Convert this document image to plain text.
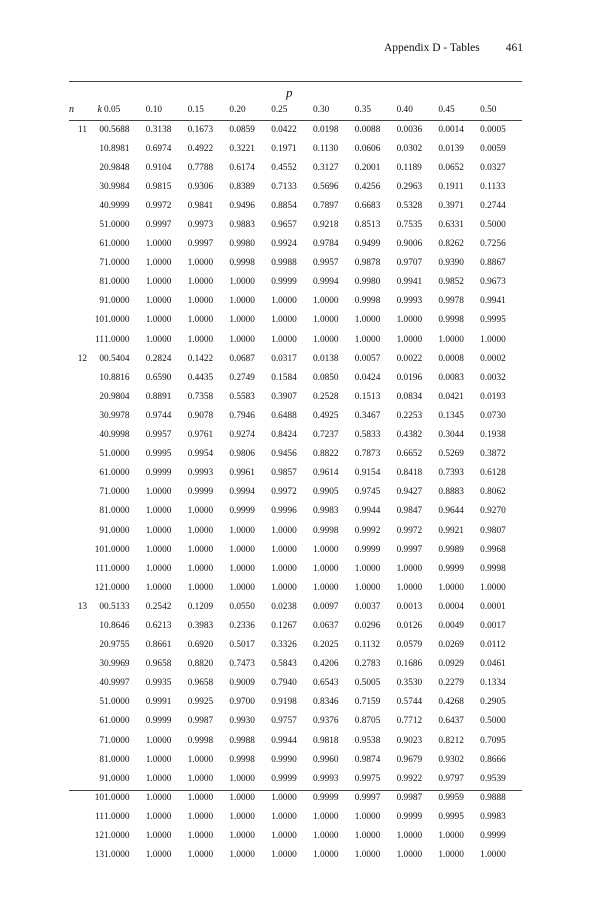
Appendix D - Tables 461
p
n	k	0.05	0.10	0.15	0.20	0.25	0.30	0.35	0.40	0.45	0.50
11	0	0.5688	0.3138	0.1673	0.0859	0.0422	0.0198	0.0088	0.0036	0.0014	0.0005
	1	0.8981	0.6974	0.4922	0.3221	0.1971	0.1130	0.0606	0.0302	0.0139	0.0059
	2	0.9848	0.9104	0.7788	0.6174	0.4552	0.3127	0.2001	0.1189	0.0652	0.0327
	3	0.9984	0.9815	0.9306	0.8389	0.7133	0.5696	0.4256	0.2963	0.1911	0.1133
	4	0.9999	0.9972	0.9841	0.9496	0.8854	0.7897	0.6683	0.5328	0.3971	0.2744
	5	1.0000	0.9997	0.9973	0.9883	0.9657	0.9218	0.8513	0.7535	0.6331	0.5000
	6	1.0000	1.0000	0.9997	0.9980	0.9924	0.9784	0.9499	0.9006	0.8262	0.7256
	7	1.0000	1.0000	1.0000	0.9998	0.9988	0.9957	0.9878	0.9707	0.9390	0.8867
	8	1.0000	1.0000	1.0000	1.0000	0.9999	0.9994	0.9980	0.9941	0.9852	0.9673
	9	1.0000	1.0000	1.0000	1.0000	1.0000	1.0000	0.9998	0.9993	0.9978	0.9941
	10	1.0000	1.0000	1.0000	1.0000	1.0000	1.0000	1.0000	1.0000	0.9998	0.9995
	11	1.0000	1.0000	1.0000	1.0000	1.0000	1.0000	1.0000	1.0000	1.0000	1.0000
12	0	0.5404	0.2824	0.1422	0.0687	0.0317	0.0138	0.0057	0.0022	0.0008	0.0002
	1	0.8816	0.6590	0.4435	0.2749	0.1584	0.0850	0.0424	0.0196	0.0083	0.0032
	2	0.9804	0.8891	0.7358	0.5583	0.3907	0.2528	0.1513	0.0834	0.0421	0.0193
	3	0.9978	0.9744	0.9078	0.7946	0.6488	0.4925	0.3467	0.2253	0.1345	0.0730
	4	0.9998	0.9957	0.9761	0.9274	0.8424	0.7237	0.5833	0.4382	0.3044	0.1938
	5	1.0000	0.9995	0.9954	0.9806	0.9456	0.8822	0.7873	0.6652	0.5269	0.3872
	6	1.0000	0.9999	0.9993	0.9961	0.9857	0.9614	0.9154	0.8418	0.7393	0.6128
	7	1.0000	1.0000	0.9999	0.9994	0.9972	0.9905	0.9745	0.9427	0.8883	0.8062
	8	1.0000	1.0000	1.0000	0.9999	0.9996	0.9983	0.9944	0.9847	0.9644	0.9270
	9	1.0000	1.0000	1.0000	1.0000	1.0000	0.9998	0.9992	0.9972	0.9921	0.9807
	10	1.0000	1.0000	1.0000	1.0000	1.0000	1.0000	0.9999	0.9997	0.9989	0.9968
	11	1.0000	1.0000	1.0000	1.0000	1.0000	1.0000	1.0000	1.0000	0.9999	0.9998
	12	1.0000	1.0000	1.0000	1.0000	1.0000	1.0000	1.0000	1.0000	1.0000	1.0000
13	0	0.5133	0.2542	0.1209	0.0550	0.0238	0.0097	0.0037	0.0013	0.0004	0.0001
	1	0.8646	0.6213	0.3983	0.2336	0.1267	0.0637	0.0296	0.0126	0.0049	0.0017
	2	0.9755	0.8661	0.6920	0.5017	0.3326	0.2025	0.1132	0.0579	0.0269	0.0112
	3	0.9969	0.9658	0.8820	0.7473	0.5843	0.4206	0.2783	0.1686	0.0929	0.0461
	4	0.9997	0.9935	0.9658	0.9009	0.7940	0.6543	0.5005	0.3530	0.2279	0.1334
	5	1.0000	0.9991	0.9925	0.9700	0.9198	0.8346	0.7159	0.5744	0.4268	0.2905
	6	1.0000	0.9999	0.9987	0.9930	0.9757	0.9376	0.8705	0.7712	0.6437	0.5000
	7	1.0000	1.0000	0.9998	0.9988	0.9944	0.9818	0.9538	0.9023	0.8212	0.7095
	8	1.0000	1.0000	1.0000	0.9998	0.9990	0.9960	0.9874	0.9679	0.9302	0.8666
	9	1.0000	1.0000	1.0000	1.0000	0.9999	0.9993	0.9975	0.9922	0.9797	0.9539
	10	1.0000	1.0000	1.0000	1.0000	1.0000	0.9999	0.9997	0.9987	0.9959	0.9888
	11	1.0000	1.0000	1.0000	1.0000	1.0000	1.0000	1.0000	0.9999	0.9995	0.9983
	12	1.0000	1.0000	1.0000	1.0000	1.0000	1.0000	1.0000	1.0000	1.0000	0.9999
	13	1.0000	1.0000	1.0000	1.0000	1.0000	1.0000	1.0000	1.0000	1.0000	1.0000
